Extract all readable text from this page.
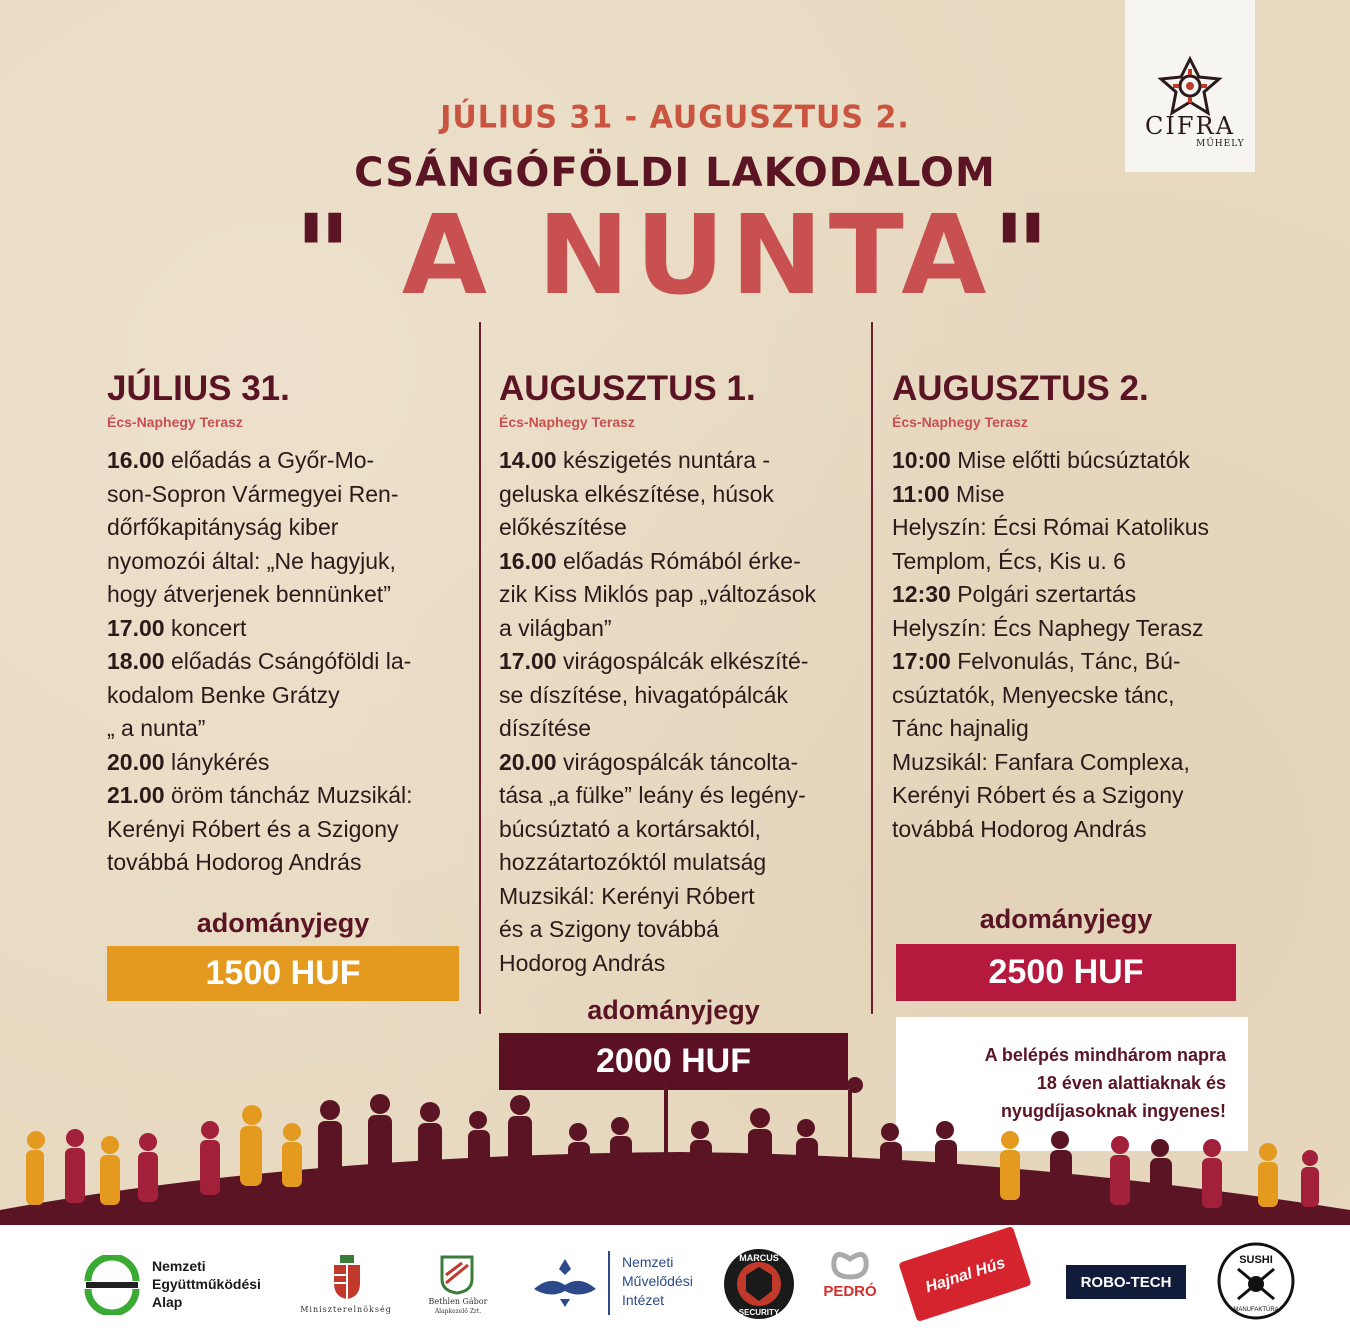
CIFRA
MŰHELY
JÚLIUS 31 - AUGUSZTUS 2.
CSÁNGÓFÖLDI LAKODALOM
" A NUNTA"
JÚLIUS 31.
Écs-Naphegy Terasz
16.00 előadás a Győr-Mo-
son-Sopron Vármegyei Ren-
dőrfőkapitányság kiber
nyomozói által: „Ne hagyjuk,
hogy átverjenek bennünket”
17.00 koncert
18.00 előadás Csángóföldi la-
kodalom Benke Grátzy
„ a nunta”
20.00 lánykérés
21.00 öröm táncház Muzsikál:
Kerényi Róbert és a Szigony
továbbá Hodorog András
AUGUSZTUS 1.
Écs-Naphegy Terasz
14.00 készigetés nuntára -
geluska elkészítése, húsok
előkészítése
16.00 előadás Rómából érke-
zik Kiss Miklós pap „változások
a világban”
17.00 virágospálcák elkészíté-
se díszítése, hivagatópálcák
díszítése
20.00 virágospálcák táncolta-
tása „a fülke” leány és legény-
búcsúztató a kortársaktól,
hozzátartozóktól mulatság
Muzsikál: Kerényi Róbert
és a Szigony továbbá
Hodorog András
AUGUSZTUS 2.
Écs-Naphegy Terasz
10:00 Mise előtti búcsúztatók
11:00 Mise
Helyszín: Écsi Római Katolikus
Templom, Écs, Kis u. 6
12:30 Polgári szertartás
Helyszín: Écs Naphegy Terasz
17:00 Felvonulás, Tánc, Bú-
csúztatók, Menyecske tánc,
Tánc hajnalig
Muzsikál: Fanfara Complexa,
Kerényi Róbert és a Szigony
továbbá Hodorog András
adományjegy
1500 HUF
adományjegy
2000 HUF
adományjegy
2500 HUF
A belépés mindhárom napra
18 éven alattiaknak és
nyugdíjasoknak ingyenes!
Nemzeti
Együttműködési
Alap	Miniszterelnökség
Bethlen Gábor
Alapkezelő Zrt.
Nemzeti
Művelődési
Intézet
MARCUS
SECURITY
PEDRÓ	Hajnal Hús	ROBO-TECH
SUSHI
MANUFAKTÚRA
